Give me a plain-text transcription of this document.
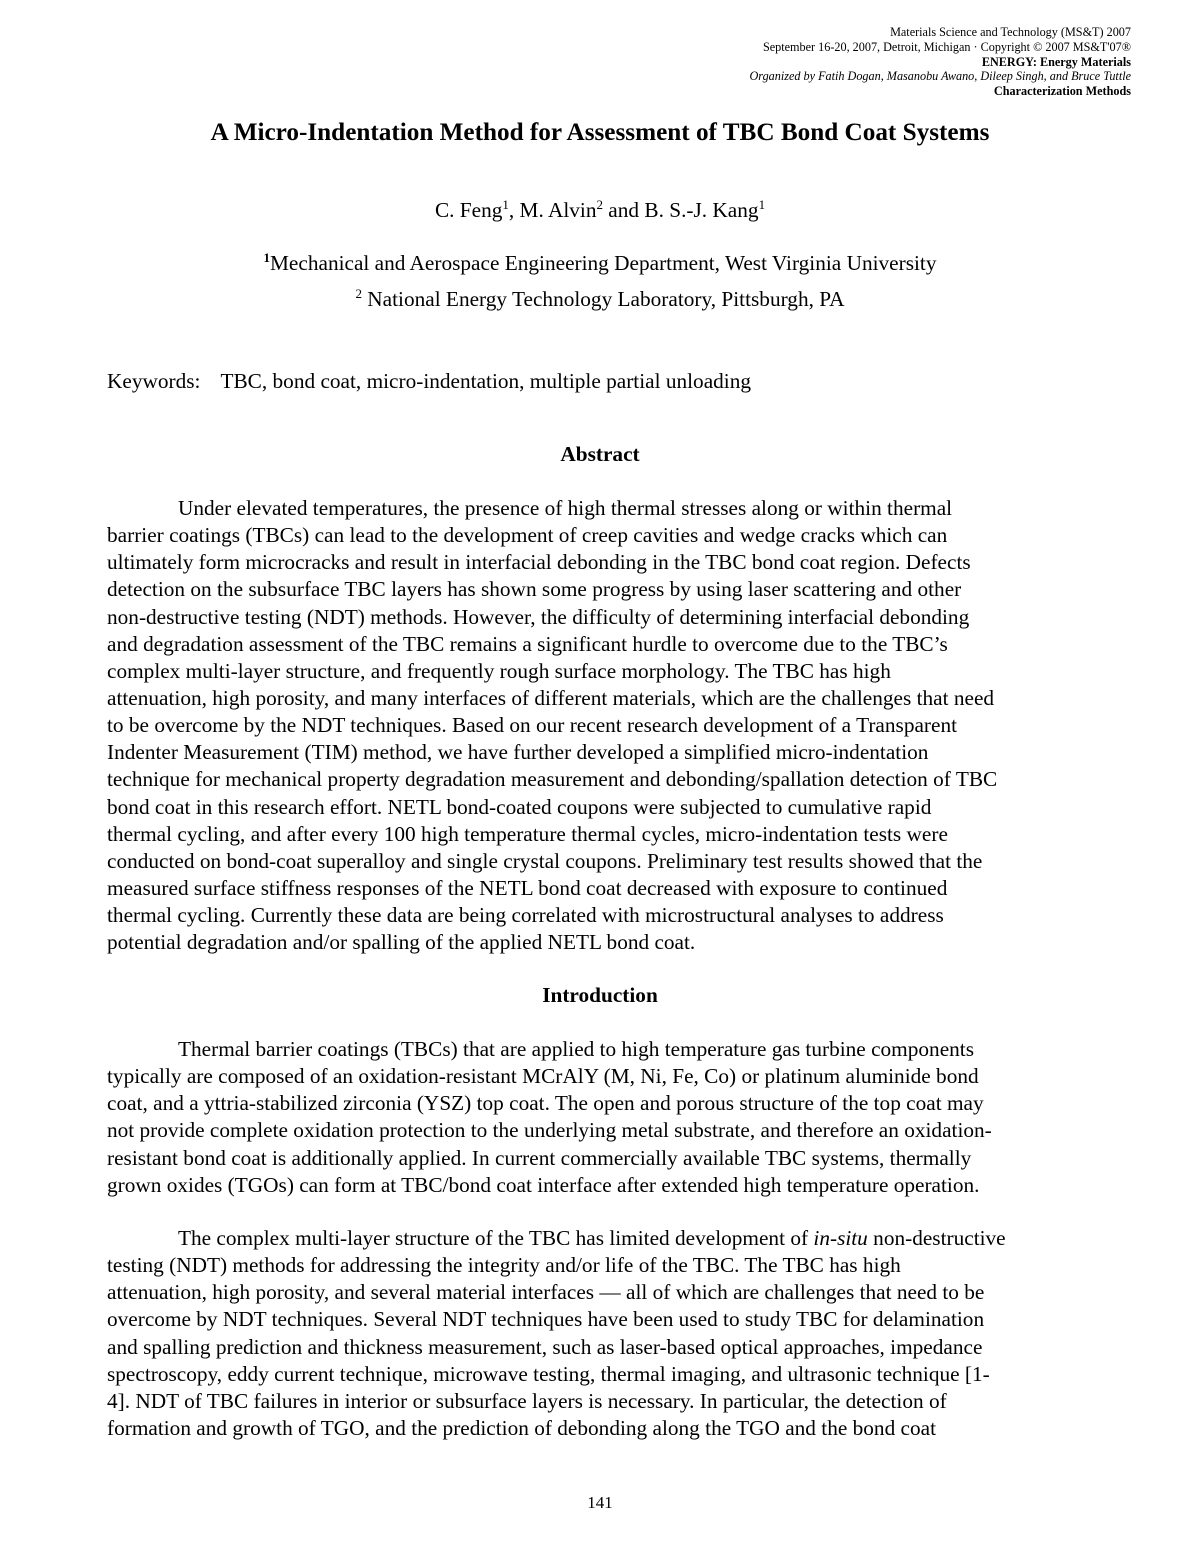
Materials Science and Technology (MS&T) 2007
September 16-20, 2007, Detroit, Michigan · Copyright © 2007 MS&T'07®
ENERGY: Energy Materials
Organized by Fatih Dogan, Masanobu Awano, Dileep Singh, and Bruce Tuttle
Characterization Methods
A Micro-Indentation Method for Assessment of TBC Bond Coat Systems
C. Feng$^1$, M. Alvin$^2$ and B. S.-J. Kang$^1$
$^1$Mechanical and Aerospace Engineering Department, West Virginia University
$^2$ National Energy Technology Laboratory, Pittsburgh, PA
Keywords: TBC, bond coat, micro-indentation, multiple partial unloading
Abstract
Under elevated temperatures, the presence of high thermal stresses along or within thermal
barrier coatings (TBCs) can lead to the development of creep cavities and wedge cracks which can
ultimately form microcracks and result in interfacial debonding in the TBC bond coat region. Defects
detection on the subsurface TBC layers has shown some progress by using laser scattering and other
non-destructive testing (NDT) methods. However, the difficulty of determining interfacial debonding
and degradation assessment of the TBC remains a significant hurdle to overcome due to the TBC’s
complex multi-layer structure, and frequently rough surface morphology. The TBC has high
attenuation, high porosity, and many interfaces of different materials, which are the challenges that need
to be overcome by the NDT techniques. Based on our recent research development of a Transparent
Indenter Measurement (TIM) method, we have further developed a simplified micro-indentation
technique for mechanical property degradation measurement and debonding/spallation detection of TBC
bond coat in this research effort. NETL bond-coated coupons were subjected to cumulative rapid
thermal cycling, and after every 100 high temperature thermal cycles, micro-indentation tests were
conducted on bond-coat superalloy and single crystal coupons. Preliminary test results showed that the
measured surface stiffness responses of the NETL bond coat decreased with exposure to continued
thermal cycling. Currently these data are being correlated with microstructural analyses to address
potential degradation and/or spalling of the applied NETL bond coat.
Introduction
Thermal barrier coatings (TBCs) that are applied to high temperature gas turbine components
typically are composed of an oxidation-resistant MCrAlY (M, Ni, Fe, Co) or platinum aluminide bond
coat, and a yttria-stabilized zirconia (YSZ) top coat. The open and porous structure of the top coat may
not provide complete oxidation protection to the underlying metal substrate, and therefore an oxidation-
resistant bond coat is additionally applied. In current commercially available TBC systems, thermally
grown oxides (TGOs) can form at TBC/bond coat interface after extended high temperature operation.
The complex multi-layer structure of the TBC has limited development of in-situ non-destructive
testing (NDT) methods for addressing the integrity and/or life of the TBC. The TBC has high
attenuation, high porosity, and several material interfaces — all of which are challenges that need to be
overcome by NDT techniques. Several NDT techniques have been used to study TBC for delamination
and spalling prediction and thickness measurement, such as laser-based optical approaches, impedance
spectroscopy, eddy current technique, microwave testing, thermal imaging, and ultrasonic technique [1-
4]. NDT of TBC failures in interior or subsurface layers is necessary. In particular, the detection of
formation and growth of TGO, and the prediction of debonding along the TGO and the bond coat
141
